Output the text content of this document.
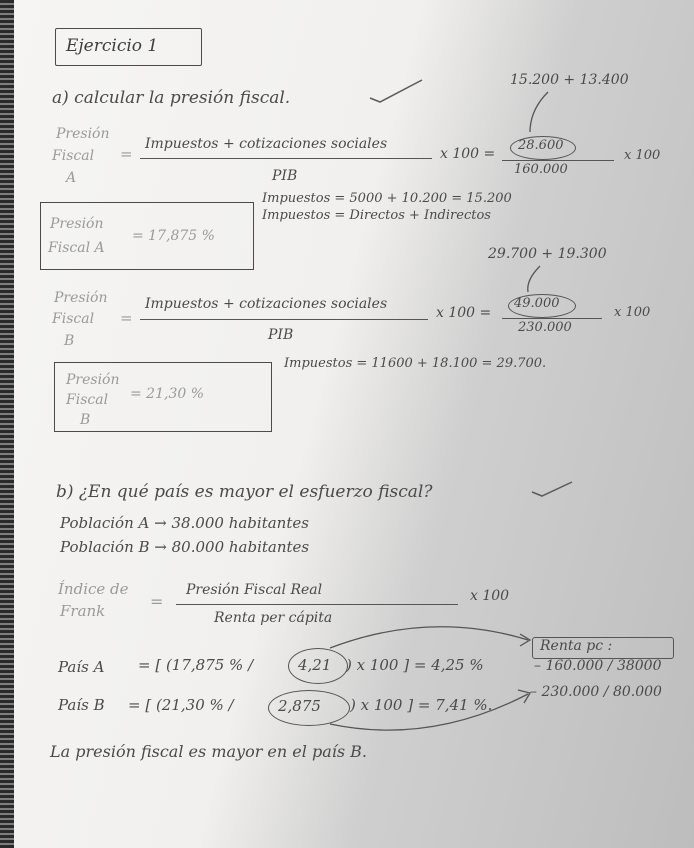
Ejercicio 1
a) calcular la presión fiscal.
15.200 + 13.400
Presión
Fiscal
A
=
Impuestos + cotizaciones sociales
PIB
x 100 =
28.600
160.000
x 100
Impuestos = 5000 + 10.200 = 15.200
Impuestos = Directos + Indirectos
Presión
Fiscal A
= 17,875 %
29.700 + 19.300
Presión
Fiscal
B
=
Impuestos + cotizaciones sociales
PIB
x 100 =
49.000
230.000
x 100
Impuestos = 11600 + 18.100 = 29.700.
Presión
Fiscal
B
= 21,30 %
b) ¿En qué país es mayor el esfuerzo fiscal?
Población A → 38.000 habitantes
Población B → 80.000 habitantes
Índice de
Frank	=
Presión Fiscal Real
Renta per cápita
x 100
País A = [ (17,875 % /	4,21 ) x 100 ] = 4,25 %
Renta pc :
– 160.000 / 38000
País B = [ (21,30 % /	2,875 ) x 100 ] = 7,41 %.
– 230.000 / 80.000
La presión fiscal es mayor en el país B.
